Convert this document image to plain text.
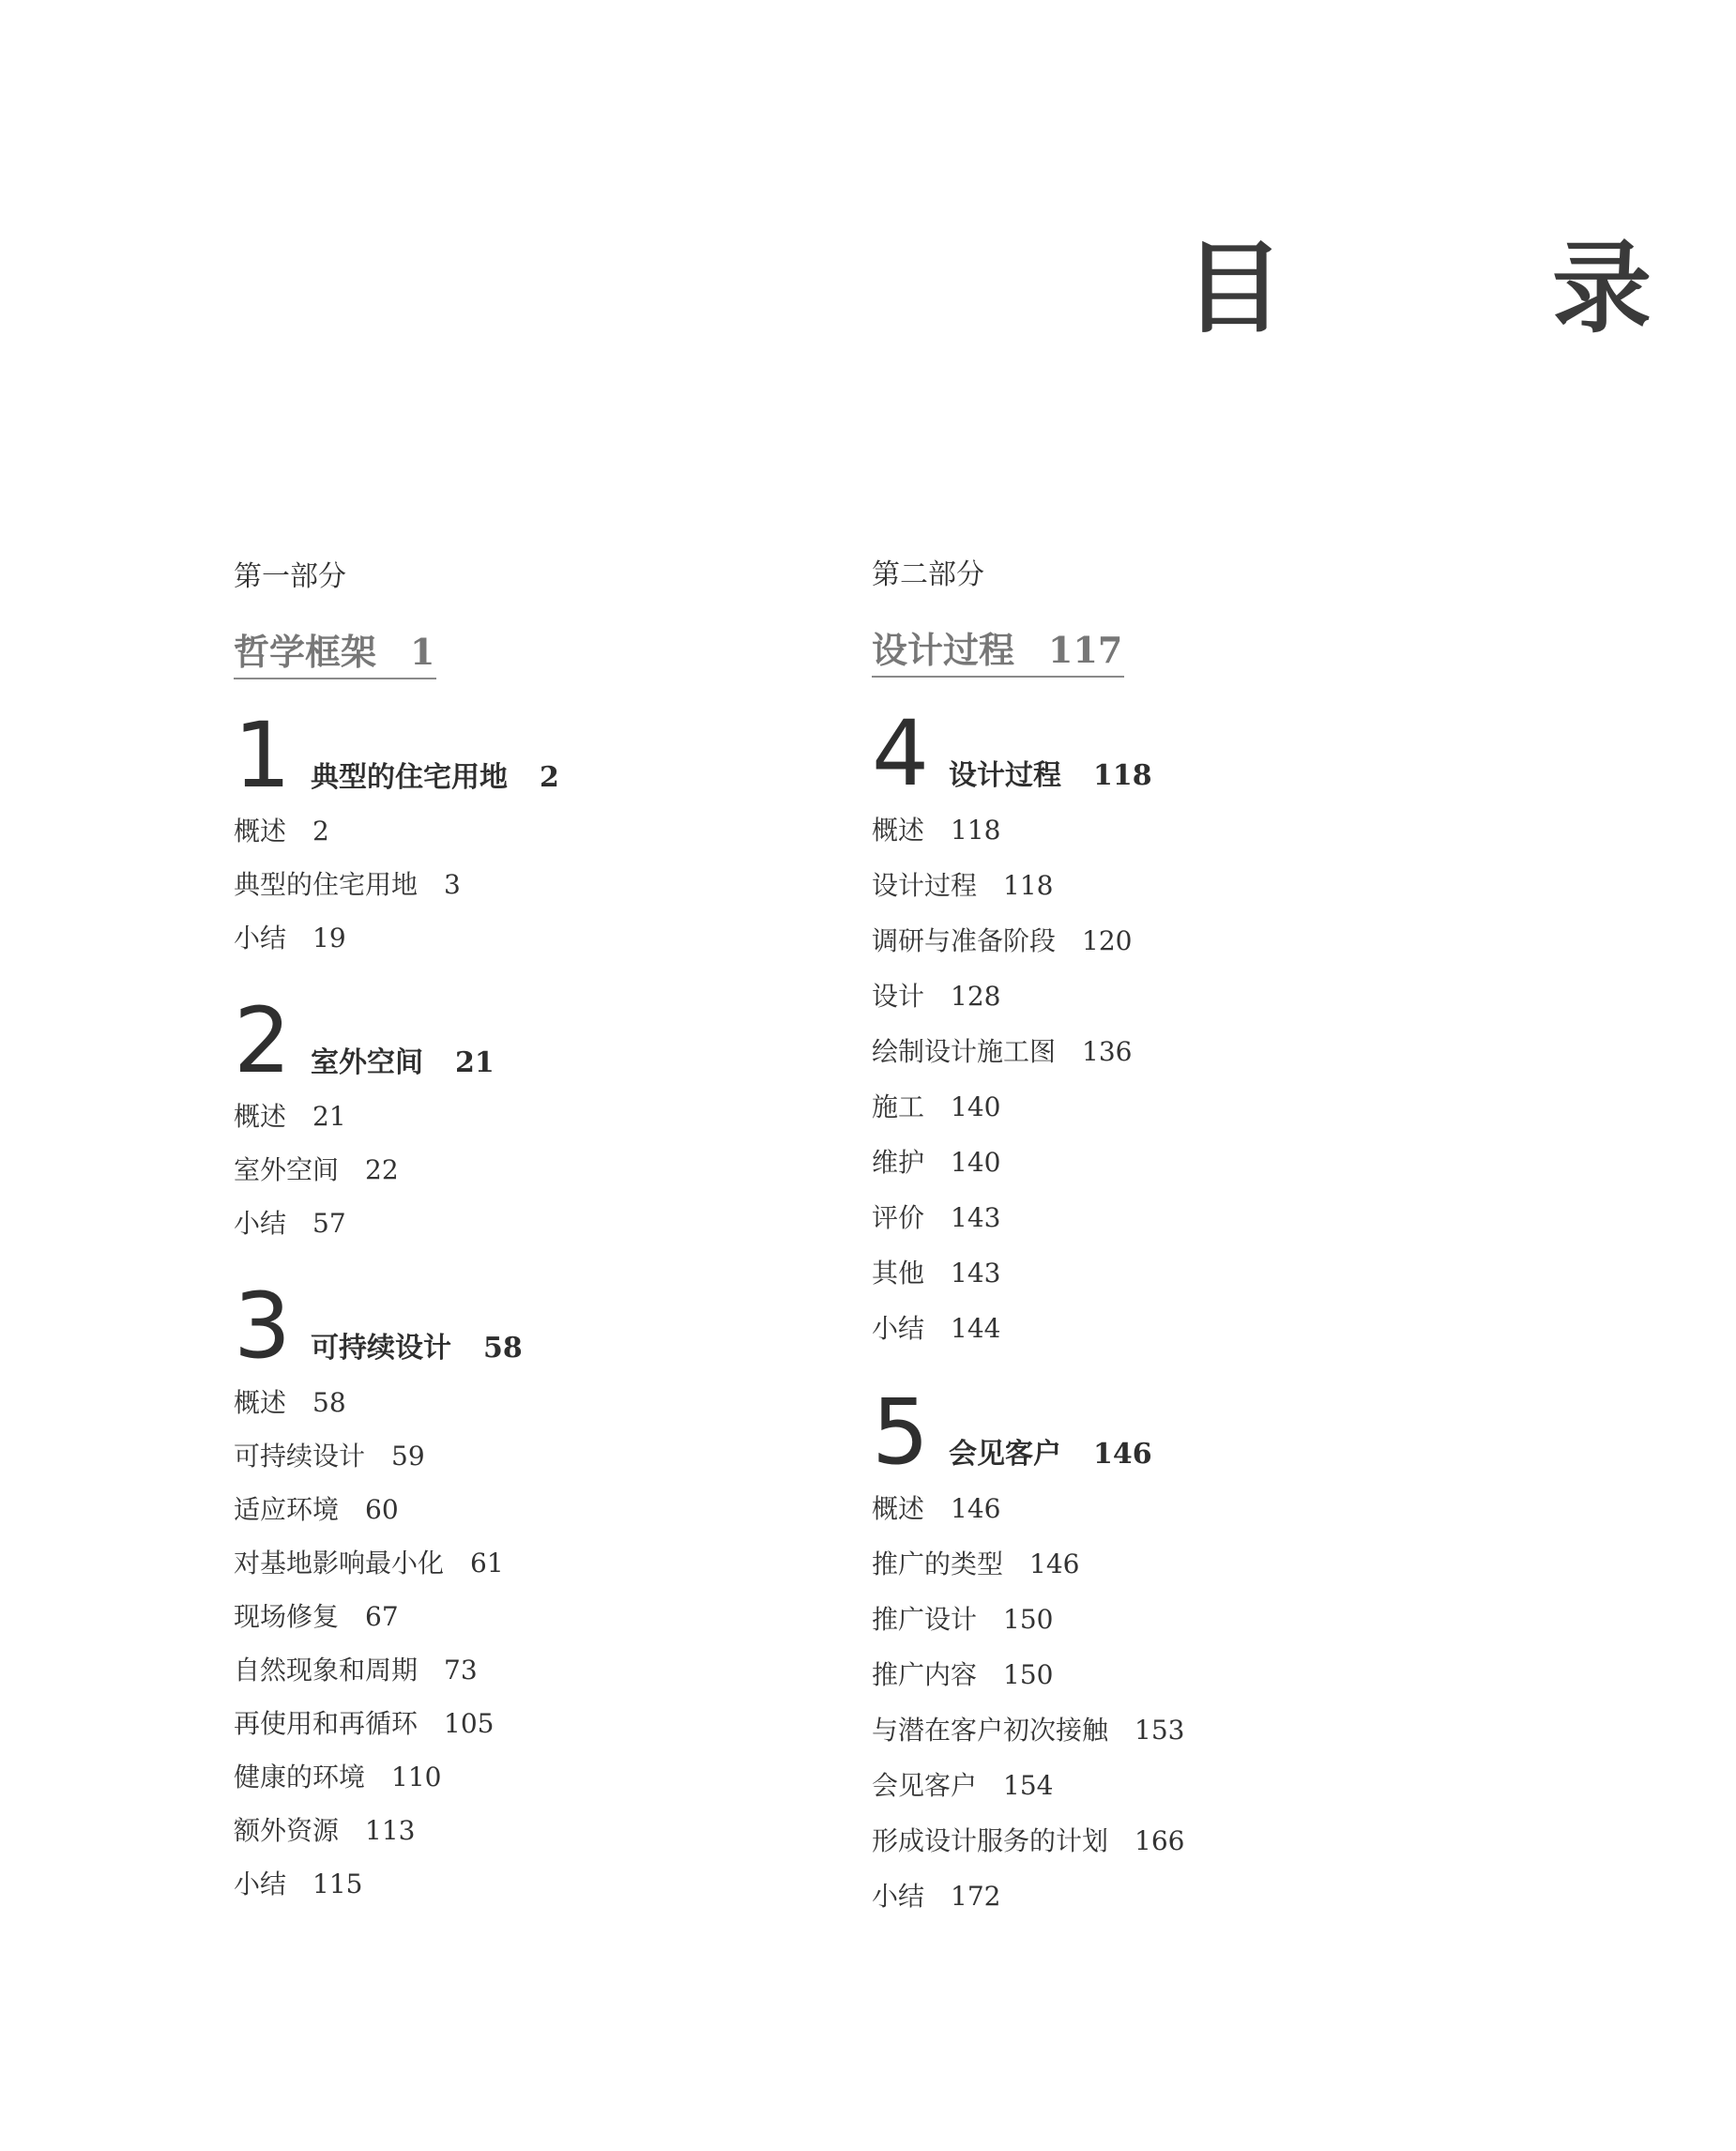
目　录
第一部分
哲学框架 1
1 典型的住宅用地 2
概述 2
典型的住宅用地 3
小结 19
2 室外空间 21
概述 21
室外空间 22
小结 57
3 可持续设计 58
概述 58
可持续设计 59
适应环境 60
对基地影响最小化 61
现场修复 67
自然现象和周期 73
再使用和再循环 105
健康的环境 110
额外资源 113
小结 115
第二部分
设计过程 117
4 设计过程 118
概述 118
设计过程 118
调研与准备阶段 120
设计 128
绘制设计施工图 136
施工 140
维护 140
评价 143
其他 143
小结 144
5 会见客户 146
概述 146
推广的类型 146
推广设计 150
推广内容 150
与潜在客户初次接触 153
会见客户 154
形成设计服务的计划 166
小结 172
